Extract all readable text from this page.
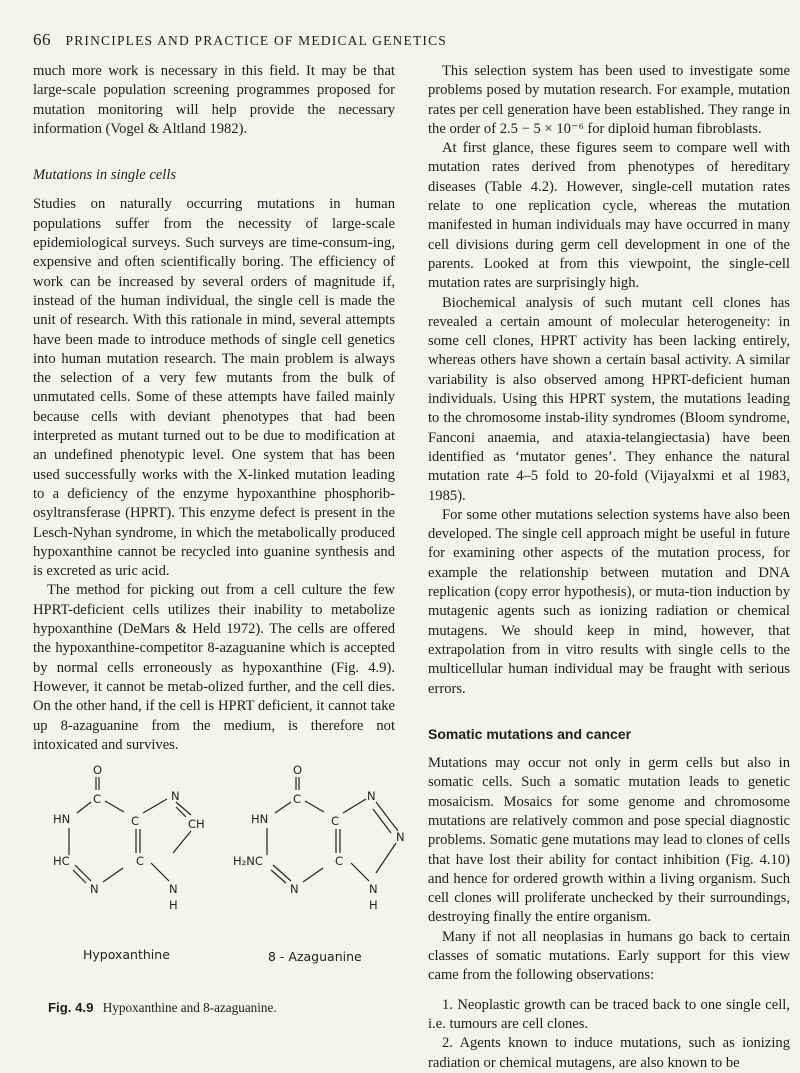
66 PRINCIPLES AND PRACTICE OF MEDICAL GENETICS

much more work is necessary in this field. It may be that large-scale population screening programmes proposed for mutation monitoring will help provide the necessary information (Vogel & Altland 1982).

Mutations in single cells

Studies on naturally occurring mutations in human populations suffer from the necessity of large-scale epidemiological surveys. Such surveys are time-consum-ing, expensive and often scientifically boring. The efficiency of work can be increased by several orders of magnitude if, instead of the human individual, the single cell is made the unit of research. With this rationale in mind, several attempts have been made to introduce methods of single cell genetics into human mutation research. The main problem is always the selection of a very few mutants from the bulk of unmutated cells. Some of these attempts have failed mainly because cells with deviant phenotypes that had been interpreted as mutant turned out to be due to modification at an undefined phenotypic level. One system that has been used successfully works with the X-linked mutation leading to a deficiency of the enzyme hypoxanthine phosphorib-osyltransferase (HPRT). This enzyme defect is present in the Lesch-Nyhan syndrome, in which the metabolically produced hypoxanthine cannot be recycled into guanine synthesis and is excreted as uric acid.

The method for picking out from a cell culture the few HPRT-deficient cells utilizes their inability to metabolize hypoxanthine (DeMars & Held 1972). The cells are offered the hypoxanthine-competitor 8-azaguanine which is accepted by normal cells erroneously as hypoxanthine (Fig. 4.9). However, it cannot be metab-olized further, and the cell dies. On the other hand, if the cell is HPRT deficient, it cannot take up 8-azaguanine from the medium, is therefore not intoxicated and survives.

O
C	N
HN	C	CH
HC	C
N	N
H
O
C	N
HN	C
N
H₂NC	C
N	N
H
Hypoxanthine	8 - Azaguanine
Fig. 4.9 Hypoxanthine and 8-azaguanine.

This selection system has been used to investigate some problems posed by mutation research. For example, mutation rates per cell generation have been established. They range in the order of 2.5 − 5 × 10⁻⁶ for diploid human fibroblasts.

At first glance, these figures seem to compare well with mutation rates derived from phenotypes of hereditary diseases (Table 4.2). However, single-cell mutation rates relate to one replication cycle, whereas the mutation manifested in human individuals may have occurred in many cell divisions during germ cell development in one of the parents. Looked at from this viewpoint, the single-cell mutation rates are surprisingly high.

Biochemical analysis of such mutant cell clones has revealed a certain amount of molecular heterogeneity: in some cell clones, HPRT activity has been lacking entirely, whereas others have shown a certain basal activity. A similar variability is also observed among HPRT-deficient human individuals. Using this HPRT system, the mutations leading to the chromosome instab-ility syndromes (Bloom syndrome, Fanconi anaemia, and ataxia-telangiectasia) have been identified as ‘mutator genes’. They enhance the natural mutation rate 4–5 fold to 20-fold (Vijayalxmi et al 1983, 1985).

For some other mutations selection systems have also been developed. The single cell approach might be useful in future for examining other aspects of the mutation process, for example the relationship between mutation and DNA replication (copy error hypothesis), or muta-tion induction by mutagenic agents such as ionizing radiation or chemical mutagens. We should keep in mind, however, that extrapolation from in vitro results with single cells to the multicellular human individual may be fraught with serious errors.

Somatic mutations and cancer

Mutations may occur not only in germ cells but also in somatic cells. Such a somatic mutation leads to genetic mosaicism. Mosaics for some genome and chromosome mutations are relatively common and pose special diagnostic problems. Somatic gene mutations may lead to clones of cells that have lost their ability for contact inhibition (Fig. 4.10) and hence for ordered growth within a living organism. Such cell clones will proliferate unchecked by their surroundings, destroying finally the entire organism.

Many if not all neoplasias in humans go back to certain classes of somatic mutations. Early support for this view came from the following observations:

1. Neoplastic growth can be traced back to one single cell, i.e. tumours are cell clones.
2. Agents known to induce mutations, such as ionizing radiation or chemical mutagens, are also known to be
